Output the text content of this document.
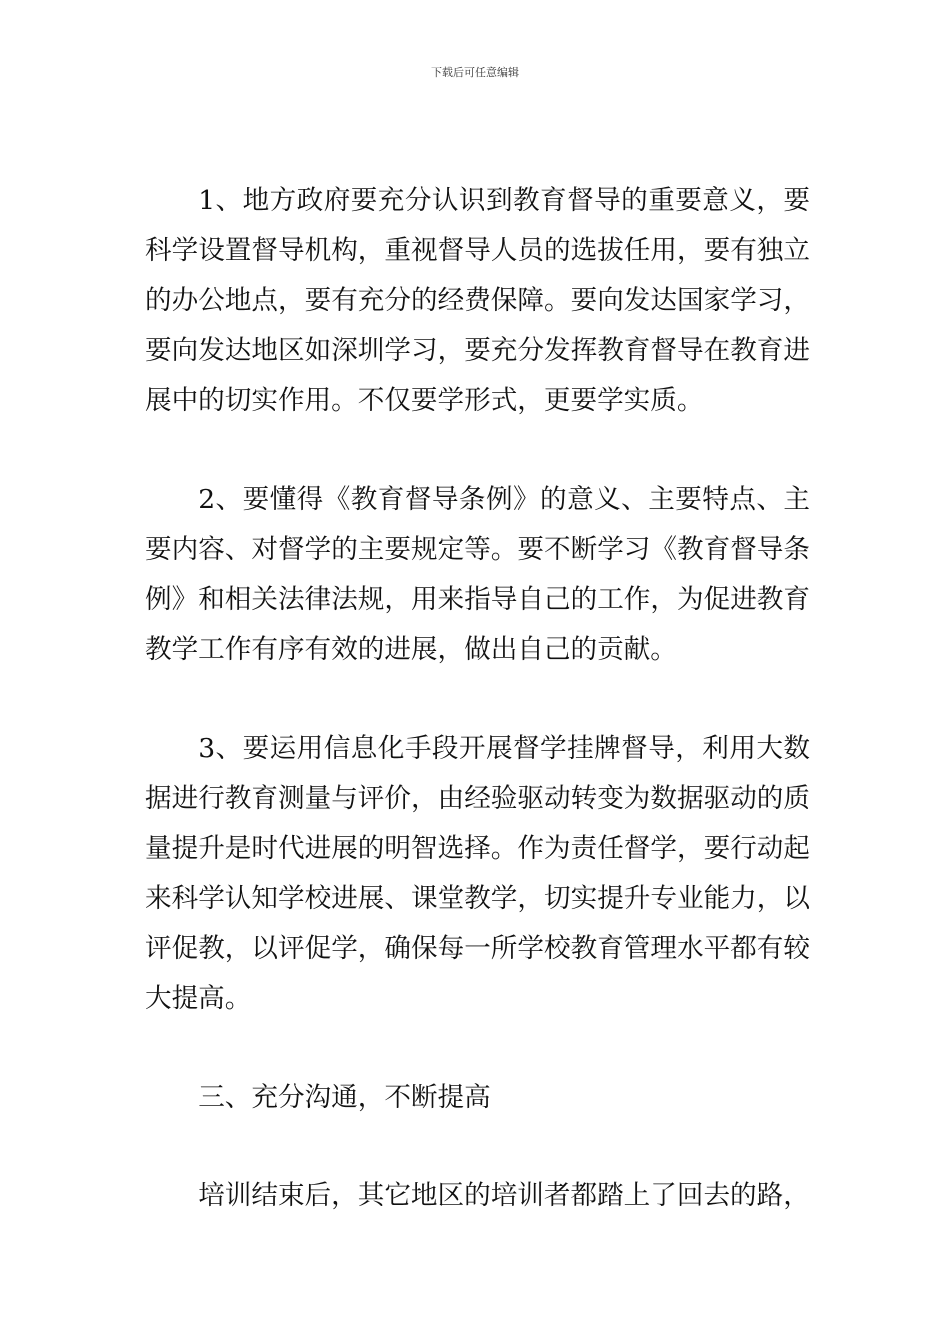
下载后可任意编辑

1、地方政府要充分认识到教育督导的重要意义，要科学设置督导机构，重视督导人员的选拔任用，要有独立的办公地点，要有充分的经费保障。要向发达国家学习，要向发达地区如深圳学习，要充分发挥教育督导在教育进展中的切实作用。不仅要学形式，更要学实质。

2、要懂得《教育督导条例》的意义、主要特点、主要内容、对督学的主要规定等。要不断学习《教育督导条例》和相关法律法规，用来指导自己的工作，为促进教育教学工作有序有效的进展，做出自己的贡献。

3、要运用信息化手段开展督学挂牌督导，利用大数据进行教育测量与评价，由经验驱动转变为数据驱动的质量提升是时代进展的明智选择。作为责任督学，要行动起来科学认知学校进展、课堂教学，切实提升专业能力，以评促教，以评促学，确保每一所学校教育管理水平都有较大提高。

三、充分沟通，不断提高

培训结束后，其它地区的培训者都踏上了回去的路，
